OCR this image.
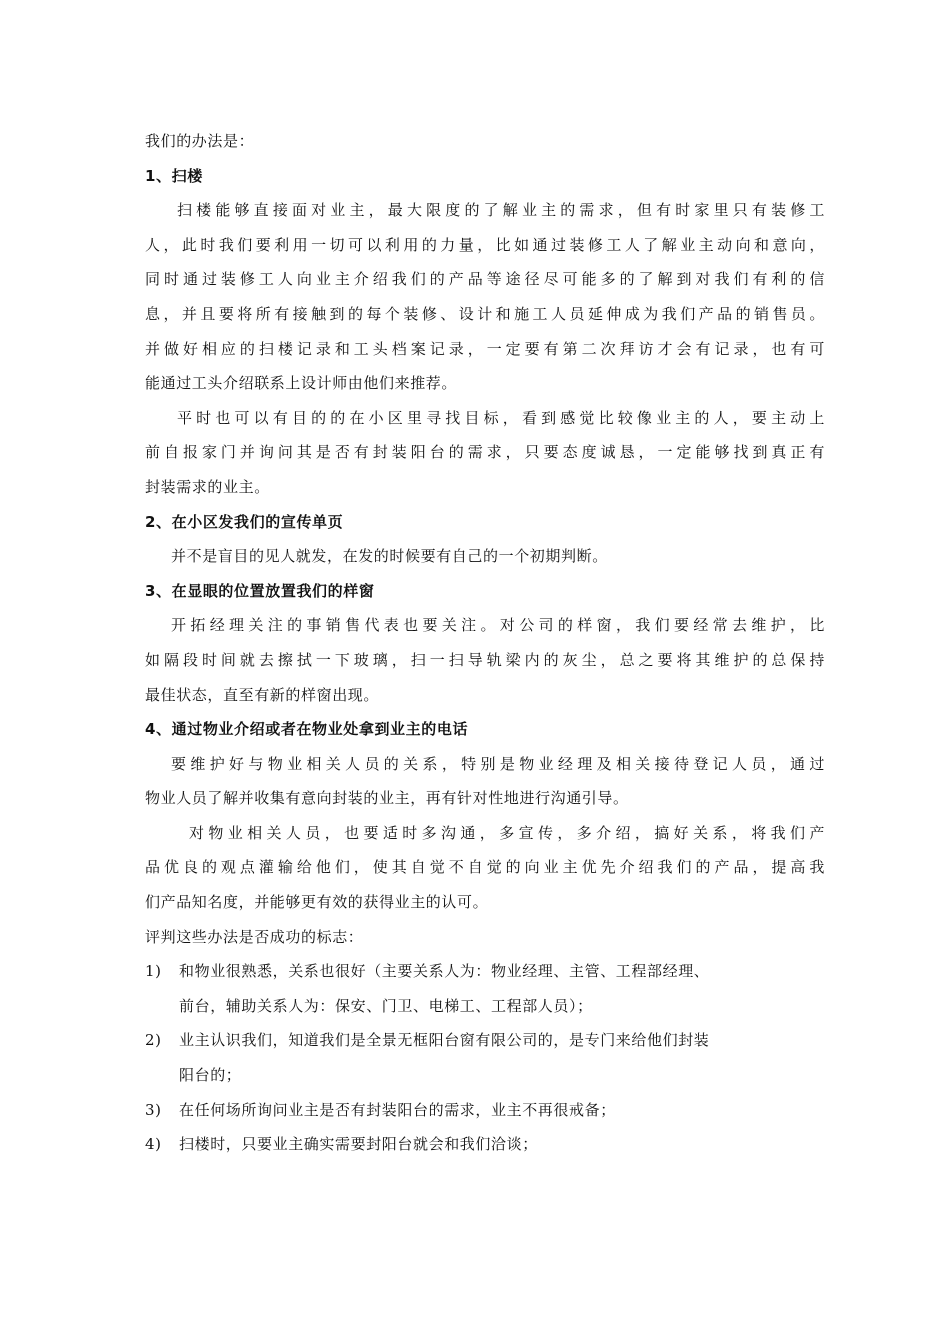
我们的办法是：
1、扫楼
扫楼能够直接面对业主，最大限度的了解业主的需求，但有时家里只有装修工
人，此时我们要利用一切可以利用的力量，比如通过装修工人了解业主动向和意向，
同时通过装修工人向业主介绍我们的产品等途径尽可能多的了解到对我们有利的信
息，并且要将所有接触到的每个装修、设计和施工人员延伸成为我们产品的销售员。
并做好相应的扫楼记录和工头档案记录，一定要有第二次拜访才会有记录，也有可
能通过工头介绍联系上设计师由他们来推荐。
平时也可以有目的的在小区里寻找目标，看到感觉比较像业主的人，要主动上
前自报家门并询问其是否有封装阳台的需求，只要态度诚恳，一定能够找到真正有
封装需求的业主。
2、在小区发我们的宣传单页
并不是盲目的见人就发，在发的时候要有自己的一个初期判断。
3、在显眼的位置放置我们的样窗
开拓经理关注的事销售代表也要关注。对公司的样窗，我们要经常去维护，比
如隔段时间就去擦拭一下玻璃，扫一扫导轨梁内的灰尘，总之要将其维护的总保持
最佳状态，直至有新的样窗出现。
4、通过物业介绍或者在物业处拿到业主的电话
要维护好与物业相关人员的关系，特别是物业经理及相关接待登记人员，通过
物业人员了解并收集有意向封装的业主，再有针对性地进行沟通引导。
对物业相关人员，也要适时多沟通，多宣传，多介绍，搞好关系，将我们产
品优良的观点灌输给他们，使其自觉不自觉的向业主优先介绍我们的产品，提高我
们产品知名度，并能够更有效的获得业主的认可。
评判这些办法是否成功的标志：
1)	和物业很熟悉，关系也很好（主要关系人为：物业经理、主管、工程部经理、
前台，辅助关系人为：保安、门卫、电梯工、工程部人员）；
2)	业主认识我们，知道我们是全景无框阳台窗有限公司的，是专门来给他们封装
阳台的；
3)	在任何场所询问业主是否有封装阳台的需求，业主不再很戒备；
4)	扫楼时，只要业主确实需要封阳台就会和我们洽谈；
